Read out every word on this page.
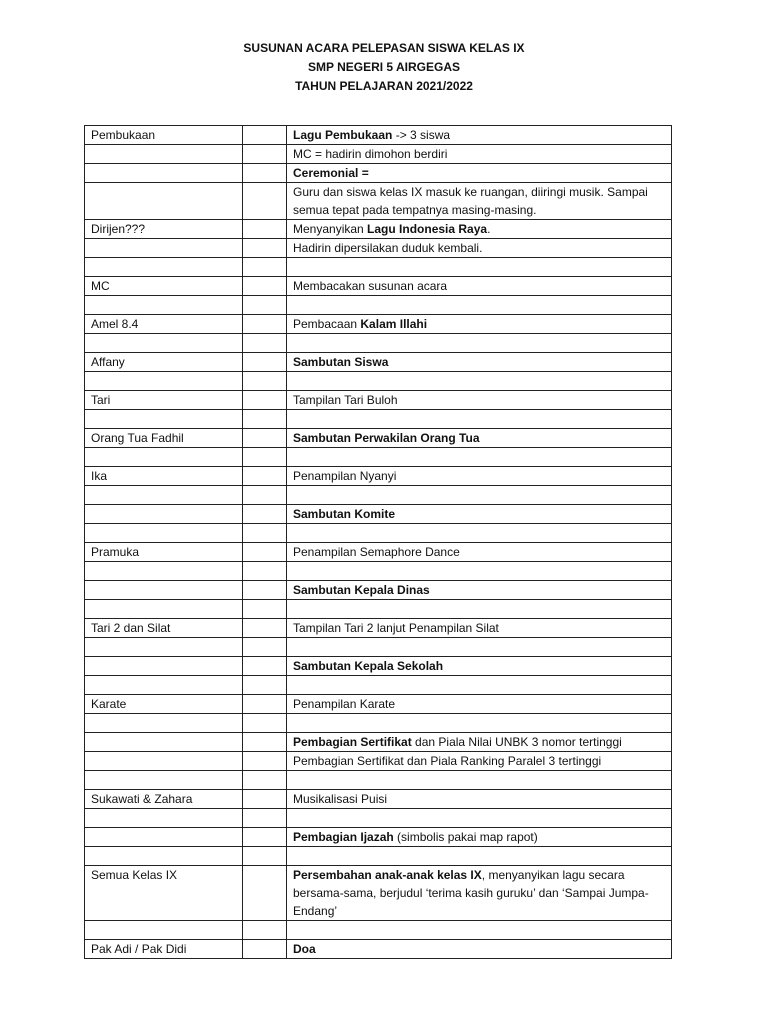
SUSUNAN ACARA PELEPASAN SISWA KELAS IX
SMP NEGERI 5 AIRGEGAS
TAHUN PELAJARAN 2021/2022
Pembukaan		Lagu Pembukaan -> 3 siswa
		MC = hadirin dimohon berdiri
		Ceremonial =
		Guru dan siswa kelas IX masuk ke ruangan, diiringi musik. Sampai semua tepat pada tempatnya masing-masing.
Dirijen???		Menyanyikan Lagu Indonesia Raya.
		Hadirin dipersilakan duduk kembali.

MC		Membacakan susunan acara

Amel 8.4		Pembacaan Kalam Illahi

Affany		Sambutan Siswa

Tari		Tampilan Tari Buloh

Orang Tua Fadhil		Sambutan Perwakilan Orang Tua

Ika		Penampilan Nyanyi

		Sambutan Komite

Pramuka		Penampilan Semaphore Dance

		Sambutan Kepala Dinas

Tari 2 dan Silat		Tampilan Tari 2 lanjut Penampilan Silat

		Sambutan Kepala Sekolah

Karate		Penampilan Karate

		Pembagian Sertifikat dan Piala Nilai UNBK 3 nomor tertinggi
		Pembagian Sertifikat dan Piala Ranking Paralel 3 tertinggi

Sukawati & Zahara		Musikalisasi Puisi

		Pembagian Ijazah (simbolis pakai map rapot)

Semua Kelas IX		Persembahan anak-anak kelas IX, menyanyikan lagu secara bersama-sama, berjudul ‘terima kasih guruku’ dan ‘Sampai Jumpa-Endang’

Pak Adi / Pak Didi		Doa
